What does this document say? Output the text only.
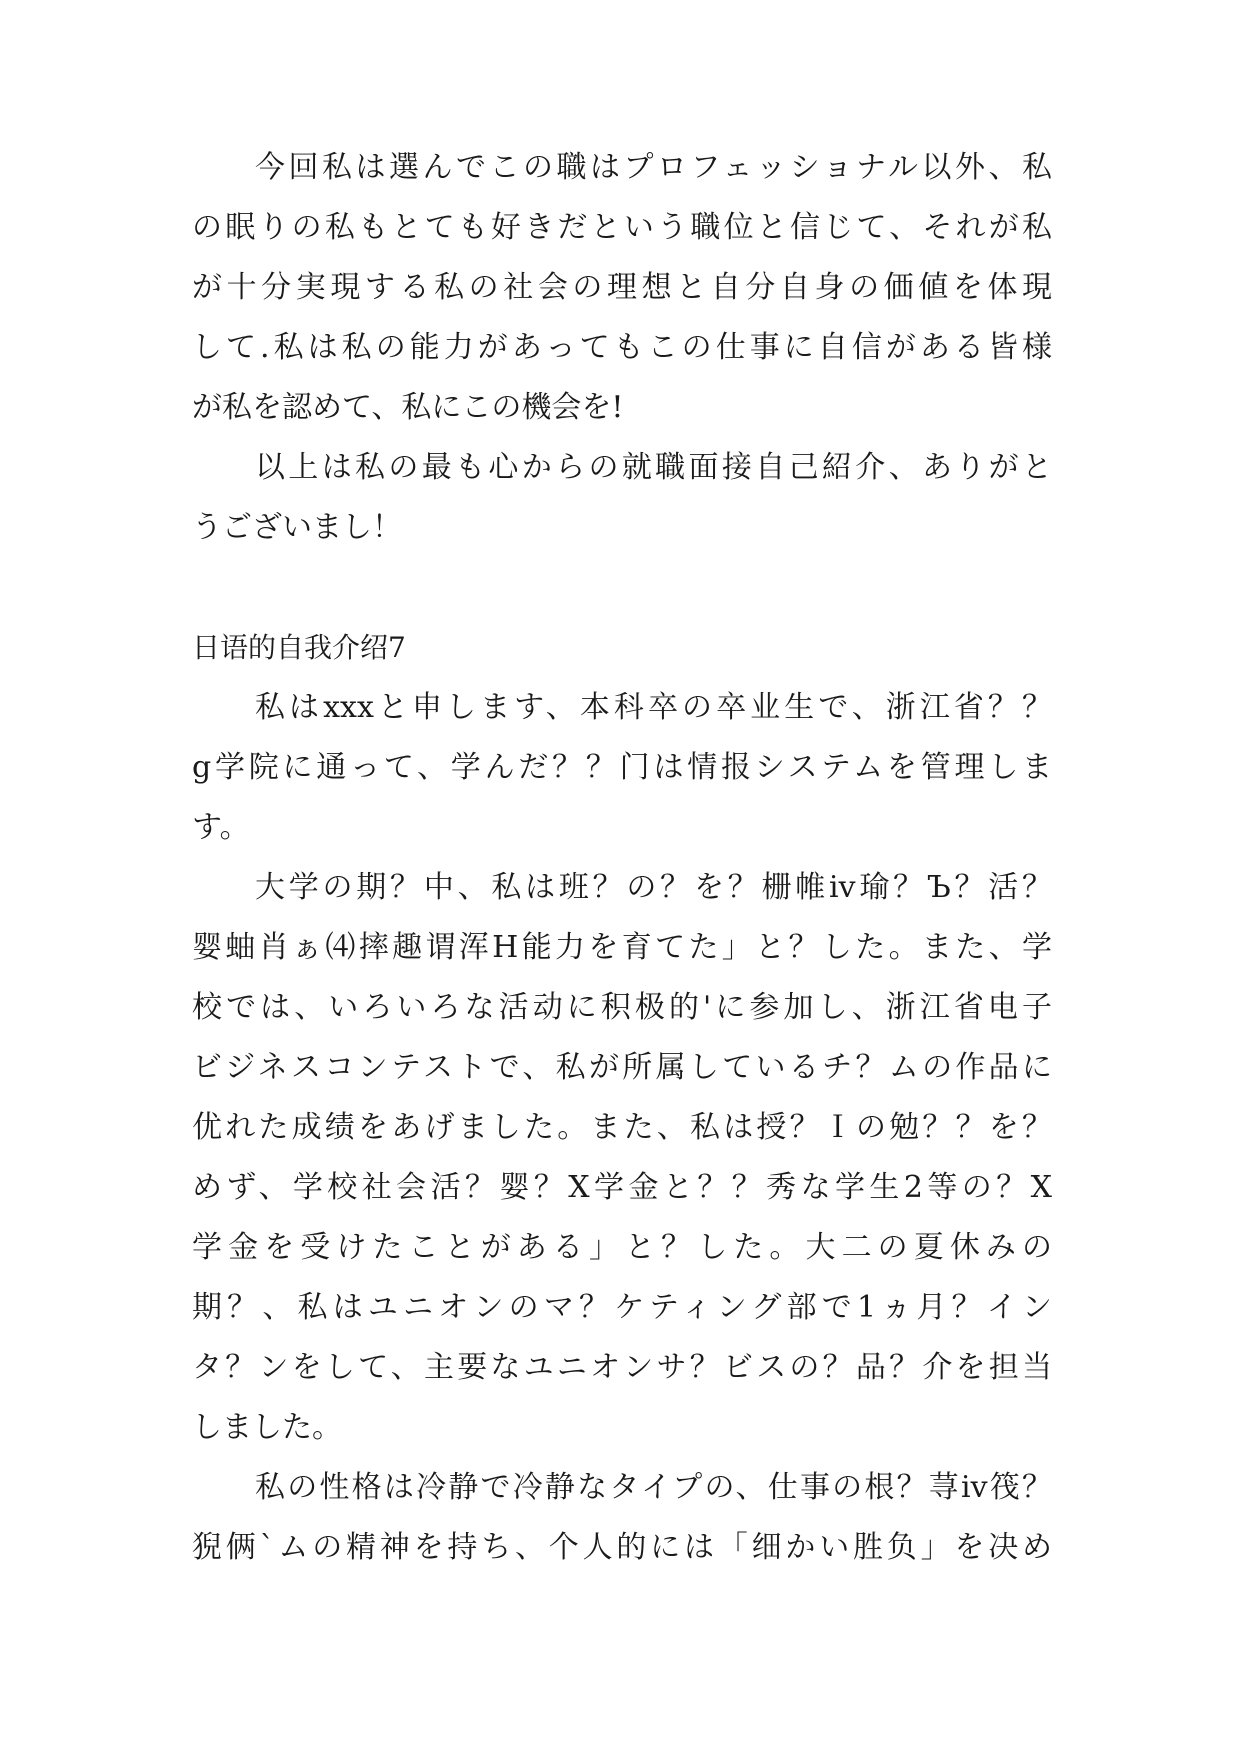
今回私は選んでこの職はプロフェッショナル以外、私

の眠りの私もとても好きだという職位と信じて、それが私

が十分実現する私の社会の理想と自分自身の価値を体現

して.私は私の能力があってもこの仕事に自信がある皆様

が私を認めて、私にこの機会を!

以上は私の最も心からの就職面接自己紹介、ありがと

うございまし！

日语的自我介绍7

私はxxxと申します、本科卒の卒业生で、浙江省？？

g学院に通って、学んだ？？门は情报システムを管理しま

す。

大学の期？中、私は班？の？を？栅帷ⅳ瑜？Ъ？活？

婴蚰肖ぁ⑷摔趣谓浑H能力を育てた」と？した。また、学

校では、いろいろな活动に积极的'に参加し、浙江省电子

ビジネスコンテストで、私が所属しているチ？ムの作品に

优れた成绩をあげました。また、私は授？Ｉの勉？？を？

めず、学校社会活？婴？X学金と？？秀な学生2等の？X

学金を受けたことがある」と？した。大二の夏休みの

期？、私はユニオンのマ？ケティング部で1ヵ月？イン

タ？ンをして、主要なユニオンサ？ビスの？品？介を担当

しました。

私の性格は冷静で冷静なタイプの、仕事の根？荨ⅳ筏？

猊俩`ムの精神を持ち、个人的には「细かい胜负」を决め
